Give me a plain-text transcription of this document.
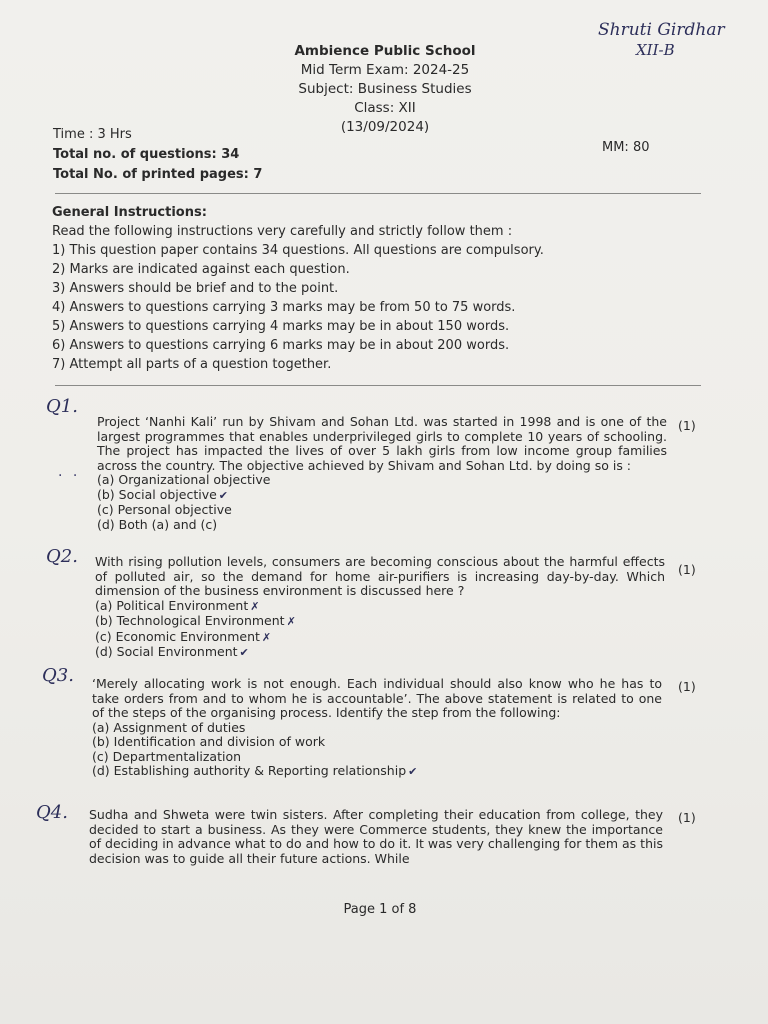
Ambience Public School
Mid Term Exam: 2024-25
Subject: Business Studies
Class: XII
(13/09/2024)
Shruti Girdhar
XII-B
Time : 3 Hrs
Total no. of questions: 34
Total No. of printed pages: 7
MM: 80
General Instructions:
Read the following instructions very carefully and strictly follow them :
1) This question paper contains 34 questions. All questions are compulsory.
2) Marks are indicated against each question.
3) Answers should be brief and to the point.
4) Answers to questions carrying 3 marks may be from 50 to 75 words.
5) Answers to questions carrying 4 marks may be in about 150 words.
6) Answers to questions carrying 6 marks may be in about 200 words.
7) Attempt all parts of a question together.
Q1.
Project ‘Nanhi Kali’ run by Shivam and Sohan Ltd. was started in 1998 and is one of the largest programmes that enables underprivileged girls to complete 10 years of schooling. The project has impacted the lives of over 5 lakh girls from low income group families across the country. The objective achieved by Shivam and Sohan Ltd. by doing so is :
(a) Organizational objective
(b) Social objective ✔
(c) Personal objective
(d) Both (a) and (c)
(1)
· ·
Q2. With rising pollution levels, consumers are becoming conscious about the harmful effects of polluted air, so the demand for home air-purifiers is increasing day-by-day. Which dimension of the business environment is discussed here ?
(a) Political Environment ✗
(b) Technological Environment ✗
(c) Economic Environment ✗
(d) Social Environment ✔
(1)
Q3. ‘Merely allocating work is not enough. Each individual should also know who he has to take orders from and to whom he is accountable’. The above statement is related to one of the steps of the organising process. Identify the step from the following:
(a) Assignment of duties
(b) Identification and division of work
(c) Departmentalization
(d) Establishing authority & Reporting relationship ✔
(1)
Q4. Sudha and Shweta were twin sisters. After completing their education from college, they decided to start a business. As they were Commerce students, they knew the importance of deciding in advance what to do and how to do it. It was very challenging for them as this decision was to guide all their future actions. While
(1)
Page 1 of 8
